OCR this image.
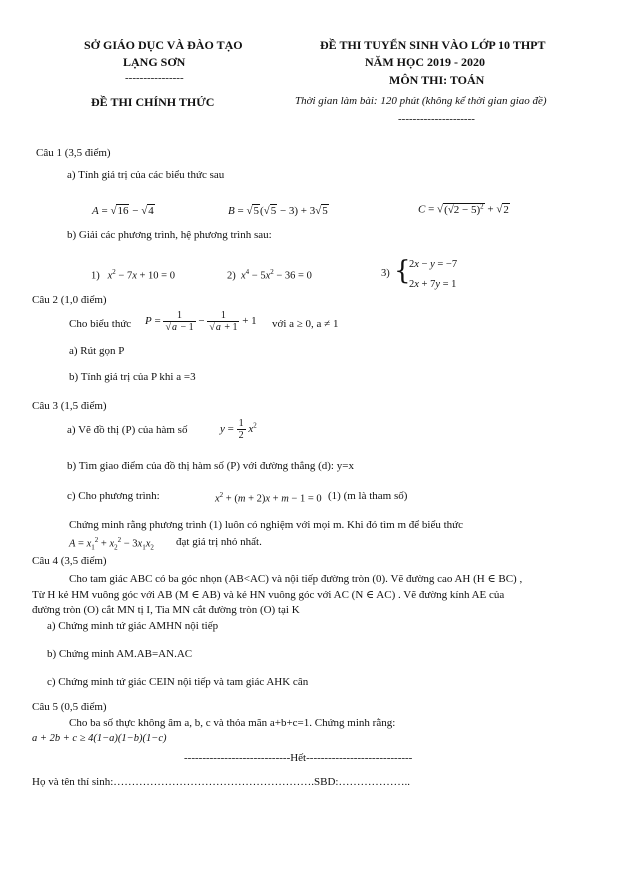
SỞ GIÁO DỤC VÀ ĐÀO TẠO
LẠNG SƠN
----------------
ĐỀ THI CHÍNH THỨC
ĐỀ THI TUYỂN SINH VÀO LỚP 10 THPT
NĂM HỌC 2019 - 2020
MÔN THI: TOÁN
Thời gian làm bài: 120 phút (không kể thời gian giao đề)
---------------------
Câu 1 (3,5 điểm)
a) Tính giá trị của các biểu thức sau
A = √16 − √4	B = √5(√5 − 3) + 3√5	$C = √(√2 - 5)^2 + √2$
b) Giải các phương trình, hệ phương trình sau:
1) $x^2 - 7x + 10 = 0$	2) $x^4 - 5x^2 - 36 = 0$	3) {
2x − y = −7
2x + 7y = 1
Câu 2 (1,0 điểm)
Cho biểu thức $P = \frac{1}{√a - 1} - \frac{1}{√a + 1} + 1$ với a ≥ 0, a ≠ 1
a) Rút gọn P
b) Tính giá trị của P khi a =3
Câu 3 (1,5 điểm)
a) Vẽ đồ thị (P) của hàm số	$y = \frac{1}{2} x^2$
b) Tìm giao điểm của đồ thị hàm số (P) với đường thẳng (d): y=x
c) Cho phương trình:	$x^2 + (m + 2)x + m - 1 = 0$ (1) (m là tham số)
Chứng minh rằng phương trình (1) luôn có nghiệm với mọi m. Khi đó tìm m để biểu thức
$A = x_1^2 + x_2^2 - 3x_1x_2$ đạt giá trị nhỏ nhất.
Câu 4 (3,5 điểm)
Cho tam giác ABC có ba góc nhọn (AB<AC) và nội tiếp đường tròn (0). Vẽ đường cao AH (H ∈ BC) ,
Từ H kẻ HM vuông góc với AB (M ∈ AB) và kẻ HN vuông góc với AC (N ∈ AC) . Vẽ đường kính AE của
đường tròn (O) cắt MN tị I, Tia MN cắt đường tròn (O) tại K
a) Chứng minh tứ giác AMHN nội tiếp
b) Chứng minh AM.AB=AN.AC
c) Chứng minh tứ giác CEIN nội tiếp và tam giác AHK cân
Câu 5 (0,5 điểm)
Cho ba số thực không âm a, b, c và thỏa mãn a+b+c=1. Chứng minh rằng:
a + 2b + c ≥ 4(1−a)(1−b)(1−c)
-----------------------------Hết-----------------------------
Họ và tên thí sinh:……………………………………………….SBD:………………..
